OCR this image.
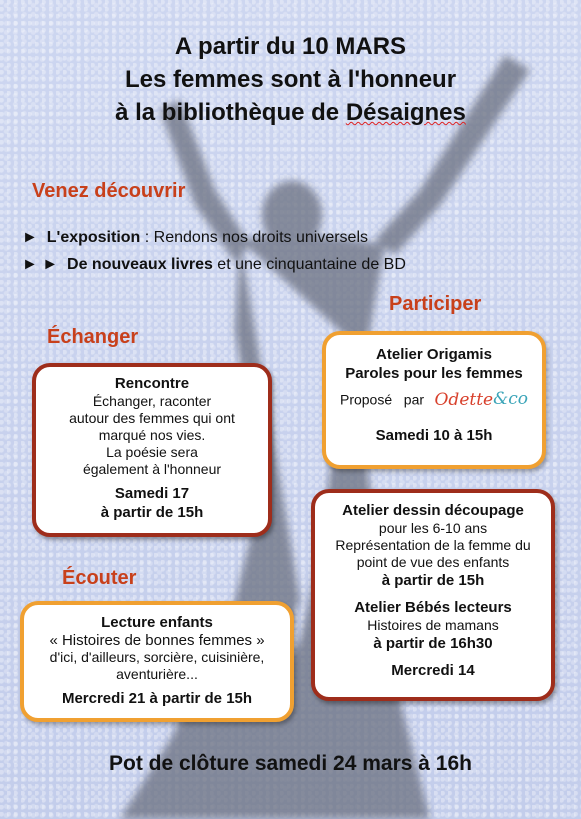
A partir du 10 MARS
Les femmes sont à l'honneur
à la bibliothèque de Désaignes
Venez découvrir
► L'exposition : Rendons nos droits universels
► ► De nouveaux livres et une cinquantaine de BD
Participer
Échanger
Atelier Origamis
Paroles pour les femmes
Proposé   par Odette&co
Samedi 10 à 15h
Rencontre
Échanger, raconter
autour des femmes qui ont
marqué nos vies.
La poésie sera
également à l'honneur
Samedi 17
à partir de 15h	Atelier dessin découpage
pour les 6-10 ans
Représentation de la femme du
point de vue des enfants
à partir de 15h
Atelier Bébés lecteurs
Histoires de mamans
à partir de 16h30
Mercredi 14
Écouter
Lecture enfants
« Histoires de bonnes femmes »
d'ici, d'ailleurs, sorcière, cuisinière,
aventurière...
Mercredi 21 à partir de 15h
Pot de clôture samedi 24 mars à 16h
